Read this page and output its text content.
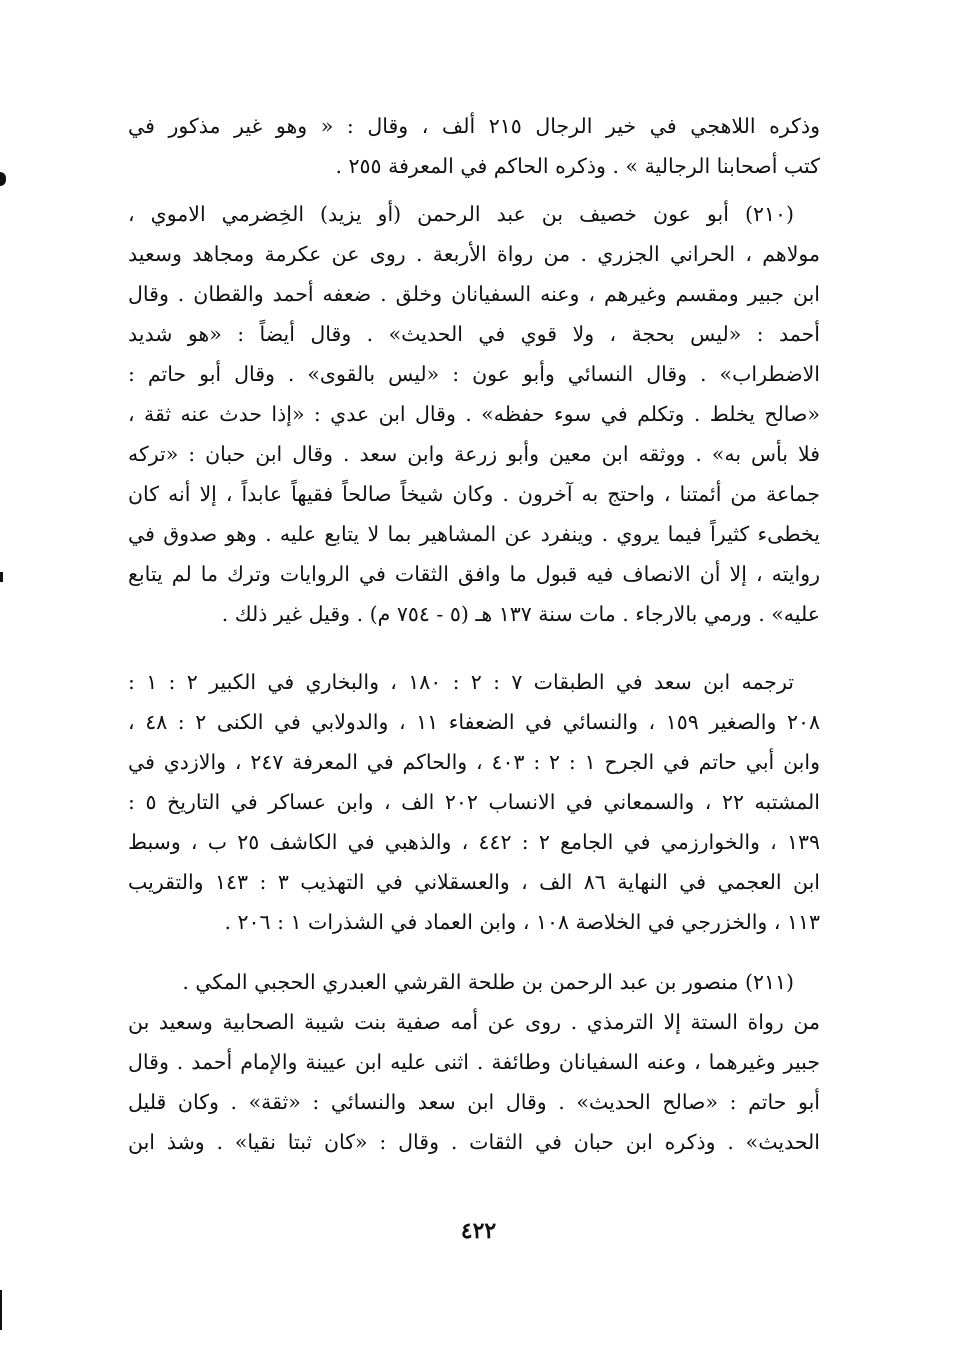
وذكره اللاهجي في خير الرجال ٢١٥ ألف ، وقال : « وهو غير مذكور في
كتب أصحابنا الرجالية » . وذكره الحاكم في المعرفة ٢٥٥ .
(٢١٠) أبو عون خصيف بن عبد الرحمن (أو يزيد) الخِضرمي الاموي ،
مولاهم ، الحراني الجزري . من رواة الأربعة . روى عن عكرمة ومجاهد وسعيد
ابن جبير ومقسم وغيرهم ، وعنه السفيانان وخلق . ضعفه أحمد والقطان . وقال
أحمد : «ليس بحجة ، ولا قوي في الحديث» . وقال أيضاً : «هو شديد
الاضطراب» . وقال النسائي وأبو عون : «ليس بالقوى» . وقال أبو حاتم :
«صالح يخلط . وتكلم في سوء حفظه» . وقال ابن عدي : «إذا حدث عنه ثقة ،
فلا بأس به» . ووثقه ابن معين وأبو زرعة وابن سعد . وقال ابن حبان : «تركه
جماعة من أئمتنا ، واحتج به آخرون . وكان شيخاً صالحاً فقيهاً عابداً ، إلا أنه كان
يخطىء كثيراً فيما يروي . وينفرد عن المشاهير بما لا يتابع عليه . وهو صدوق في
روايته ، إلا أن الانصاف فيه قبول ما وافق الثقات في الروايات وترك ما لم يتابع
عليه» . ورمي بالارجاء . مات سنة ١٣٧ هـ (٥ - ٧٥٤ م) . وقيل غير ذلك .
ترجمه ابن سعد في الطبقات ٧ : ٢ : ١٨٠ ، والبخاري في الكبير ٢ : ١ :
٢٠٨ والصغير ١٥٩ ، والنسائي في الضعفاء ١١ ، والدولابي في الكنى ٢ : ٤٨ ،
وابن أبي حاتم في الجرح ١ : ٢ : ٤٠٣ ، والحاكم في المعرفة ٢٤٧ ، والازدي في
المشتبه ٢٢ ، والسمعاني في الانساب ٢٠٢ الف ، وابن عساكر في التاريخ ٥ :
١٣٩ ، والخوارزمي في الجامع ٢ : ٤٤٢ ، والذهبي في الكاشف ٢٥ ب ، وسبط
ابن العجمي في النهاية ٨٦ الف ، والعسقلاني في التهذيب ٣ : ١٤٣ والتقريب
١١٣ ، والخزرجي في الخلاصة ١٠٨ ، وابن العماد في الشذرات ١ : ٢٠٦ .
(٢١١) منصور بن عبد الرحمن بن طلحة القرشي العبدري الحجبي المكي .
من رواة الستة إلا الترمذي . روى عن أمه صفية بنت شيبة الصحابية وسعيد بن
جبير وغيرهما ، وعنه السفيانان وطائفة . اثنى عليه ابن عيينة والإمام أحمد . وقال
أبو حاتم : «صالح الحديث» . وقال ابن سعد والنسائي : «ثقة» . وكان قليل
الحديث» . وذكره ابن حبان في الثقات . وقال : «كان ثبتا نقيا» . وشذ ابن
٤٢٢
